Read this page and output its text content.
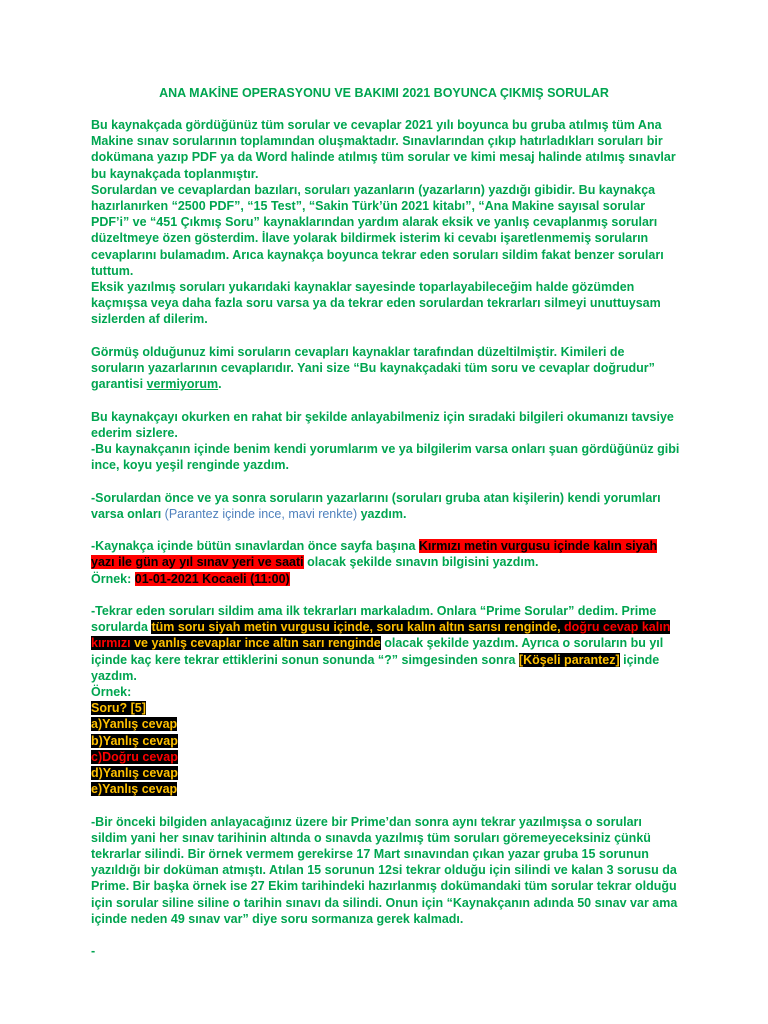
ANA MAKİNE OPERASYONU VE BAKIMI 2021 BOYUNCA ÇIKMIŞ SORULAR

Bu kaynakçada gördüğünüz tüm sorular ve cevaplar 2021 yılı boyunca bu gruba atılmış tüm Ana Makine sınav sorularının toplamından oluşmaktadır. Sınavlarından çıkıp hatırladıkları soruları bir dokümana yazıp PDF ya da Word halinde atılmış tüm sorular ve kimi mesaj halinde atılmış sınavlar bu kaynakçada toplanmıştır.

Sorulardan ve cevaplardan bazıları, soruları yazanların (yazarların) yazdığı gibidir. Bu kaynakça hazırlanırken “2500 PDF”, “15 Test”, “Sakin Türk’ün 2021 kitabı”, “Ana Makine sayısal sorular PDF’i” ve “451 Çıkmış Soru” kaynaklarından yardım alarak eksik ve yanlış cevaplanmış soruları düzeltmeye özen gösterdim. İlave yolarak bildirmek isterim ki cevabı işaretlenmemiş soruların cevaplarını bulamadım. Arıca kaynakça boyunca tekrar eden soruları sildim fakat benzer soruları tuttum.

Eksik yazılmış soruları yukarıdaki kaynaklar sayesinde toparlayabileceğim halde gözümden kaçmışsa veya daha fazla soru varsa ya da tekrar eden sorulardan tekrarları silmeyi unuttuysam sizlerden af dilerim.

Görmüş olduğunuz kimi soruların cevapları kaynaklar tarafından düzeltilmiştir. Kimileri de soruların yazarlarının cevaplarıdır. Yani size “Bu kaynakçadaki tüm soru ve cevaplar doğrudur” garantisi vermiyorum.

Bu kaynakçayı okurken en rahat bir şekilde anlayabilmeniz için sıradaki bilgileri okumanızı tavsiye ederim sizlere.

-Bu kaynakçanın içinde benim kendi yorumlarım ve ya bilgilerim varsa onları şuan gördüğünüz gibi ince, koyu yeşil renginde yazdım.

-Sorulardan önce ve ya sonra soruların yazarlarını (soruları gruba atan kişilerin) kendi yorumları varsa onları (Parantez içinde ince, mavi renkte) yazdım.

-Kaynakça içinde bütün sınavlardan önce sayfa başına Kırmızı metin vurgusu içinde kalın siyah yazı ile gün ay yıl sınav yeri ve saati olacak şekilde sınavın bilgisini yazdım.

Örnek: 01-01-2021 Kocaeli (11:00)

-Tekrar eden soruları sildim ama ilk tekrarları markaladım. Onlara “Prime Sorular” dedim. Prime sorularda tüm soru siyah metin vurgusu içinde, soru kalın altın sarısı renginde, doğru cevap kalın kırmızı ve yanlış cevaplar ince altın sarı renginde olacak şekilde yazdım. Ayrıca o soruların bu yıl içinde kaç kere tekrar ettiklerini sonun sonunda “?” simgesinden sonra [Köşeli parantez] içinde yazdım.

Örnek:

Soru? [5]

a)Yanlış cevap

b)Yanlış cevap

c)Doğru cevap

d)Yanlış cevap

e)Yanlış cevap

-Bir önceki bilgiden anlayacağınız üzere bir Prime’dan sonra aynı tekrar yazılmışsa o soruları sildim yani her sınav tarihinin altında o sınavda yazılmış tüm soruları göremeyeceksiniz çünkü tekrarlar silindi. Bir örnek vermem gerekirse 17 Mart sınavından çıkan yazar gruba 15 sorunun yazıldığı bir doküman atmıştı. Atılan 15 sorunun 12si tekrar olduğu için silindi ve kalan 3 sorusu da Prime. Bir başka örnek ise 27 Ekim tarihindeki hazırlanmış dokümandaki tüm sorular tekrar olduğu için sorular siline siline o tarihin sınavı da silindi. Onun için “Kaynakçanın adında 50 sınav var ama içinde neden 49 sınav var” diye soru sormanıza gerek kalmadı.

-
